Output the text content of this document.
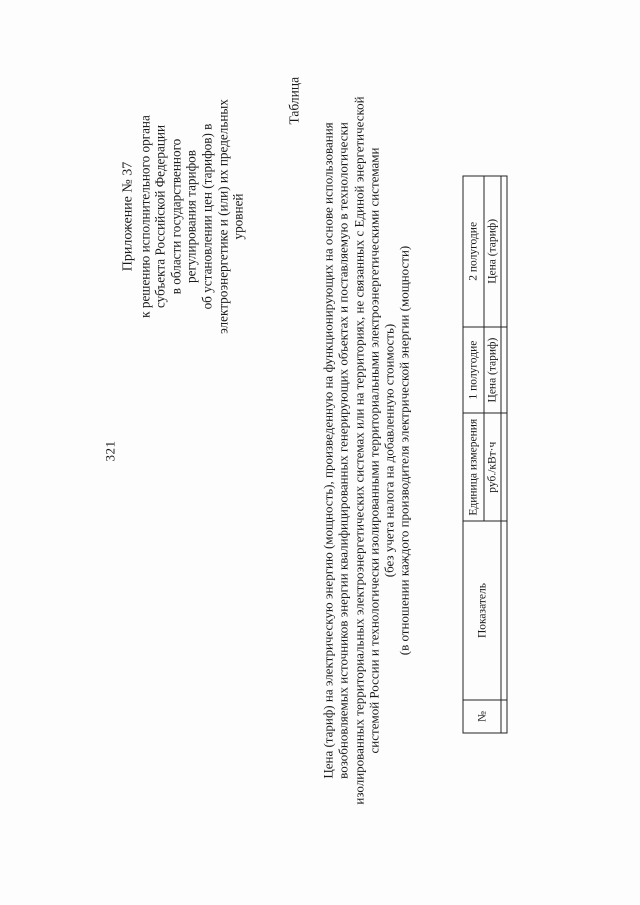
321
Приложение № 37 к решению исполнительного органа субъекта Российской Федерации в области государственного регулирования тарифов об установлении цен (тарифов) в электроэнергетике и (или) их предельных уровней
Таблица
Цена (тариф) на электрическую энергию (мощность), произведенную на функционирующих на основе использования возобновляемых источников энергии квалифицированных генерирующих объектах и поставляемую в технологически изолированных территориальных электроэнергетических системах или на территориях, не связанных с Единой энергетической системой России и технологически изолированными территориальными электроэнергетическими системами (без учета налога на добавленную стоимость) (в отношении каждого производителя электрической энергии (мощности)
№	Показатель	Единица измерения	1 полугодие	2 полугодие
		руб./кВт·ч	Цена (тариф)	Цена (тариф)
